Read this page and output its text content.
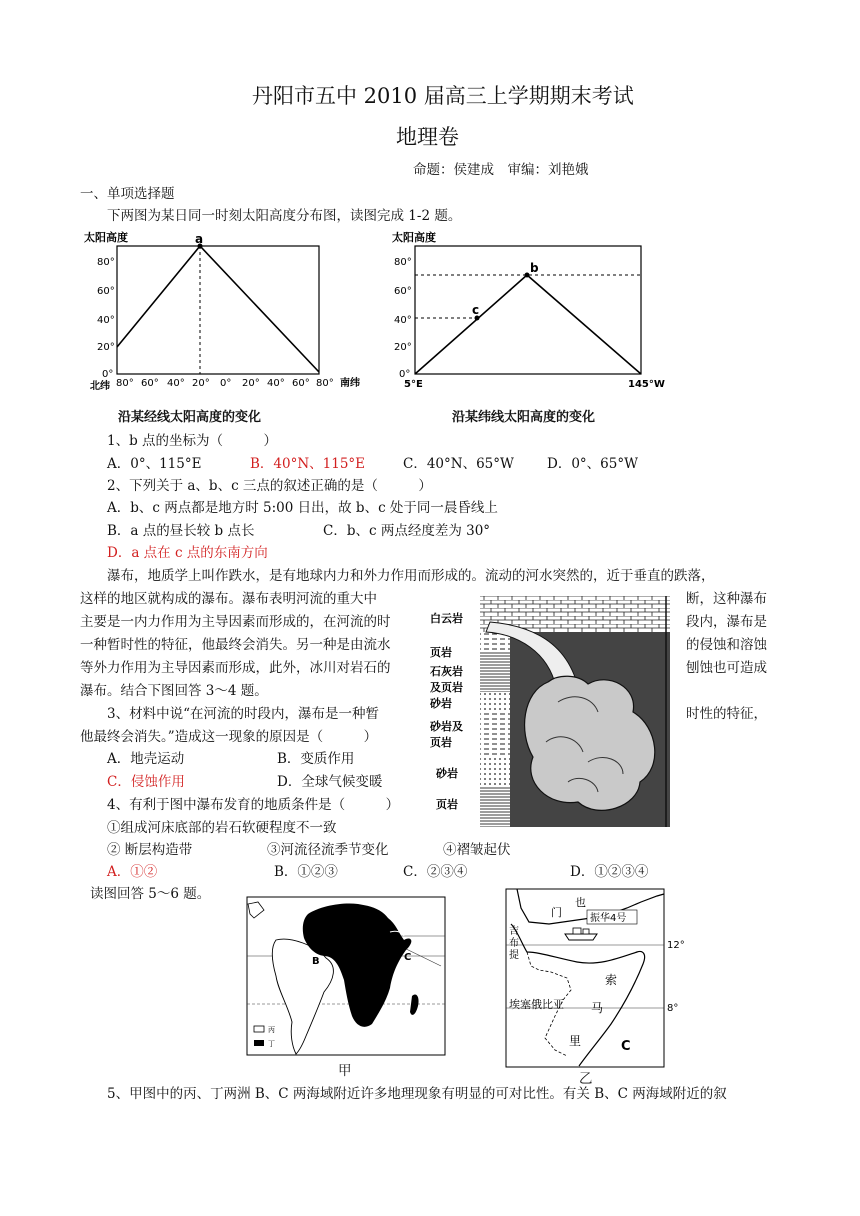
丹阳市五中 2010 届高三上学期期末考试
地理卷
命题：侯建成　审编：刘艳娥
一、单项选择题
下两图为某日同一时刻太阳高度分布图，读图完成 1-2 题。
太阳高度
80°
60°
40°
20°
0°
a
北纬 80° 60° 40° 20° 0° 20° 40° 60° 80° 南纬
沿某经线太阳高度的变化
太阳高度
80°
60°
40°
20°
0°
b
c
5°E	145°W
沿某纬线太阳高度的变化
1、b 点的坐标为（　　　）
A．0°、115°E	B．40°N、115°E	C．40°N、65°W D．0°、65°W
2、下列关于 a、b、c 三点的叙述正确的是（　　　）
A．b、c 两点都是地方时 5:00 日出，故 b、c 处于同一晨昏线上
B．a 点的昼长较 b 点长	C．b、c 两点经度差为 30°
D．a 点在 c 点的东南方向
瀑布，地质学上叫作跌水，是有地球内力和外力作用而形成的。流动的河水突然的，近于垂直的跌落，
这样的地区就构成的瀑布。瀑布表明河流的重大中	断，这种瀑布
主要是一内力作用为主导因素而形成的，在河流的时	段内，瀑布是
一种暂时性的特征，他最终会消失。另一种是由流水	的侵蚀和溶蚀
等外力作用为主导因素而形成，此外，冰川对岩石的	刨蚀也可造成
瀑布。结合下图回答 3～4 题。
白云岩
页岩
石灰岩
及页岩
砂岩
砂岩及
页岩
砂岩
页岩
3、材料中说“在河流的时段内，瀑布是一种暂	时性的特征，
他最终会消失。”造成这一现象的原因是（　　　）
A．地壳运动	B．变质作用
C．侵蚀作用	D．全球气候变暖
4、有利于图中瀑布发育的地质条件是（　　　）
①组成河床底部的岩石软硬程度不一致
② 断层构造带	③河流径流季节变化	④褶皱起伏
A．①②	B．①②③	C．②③④	D．①②③④
读图回答 5～6 题。
B	C
丙
丁
甲
也
门	振华4号
吉
布
提
12°
8°
索
马
里
埃塞俄比亚
C
乙
5、甲图中的丙、丁两洲 B、C 两海域附近许多地理现象有明显的可对比性。有关 B、C 两海域附近的叙
